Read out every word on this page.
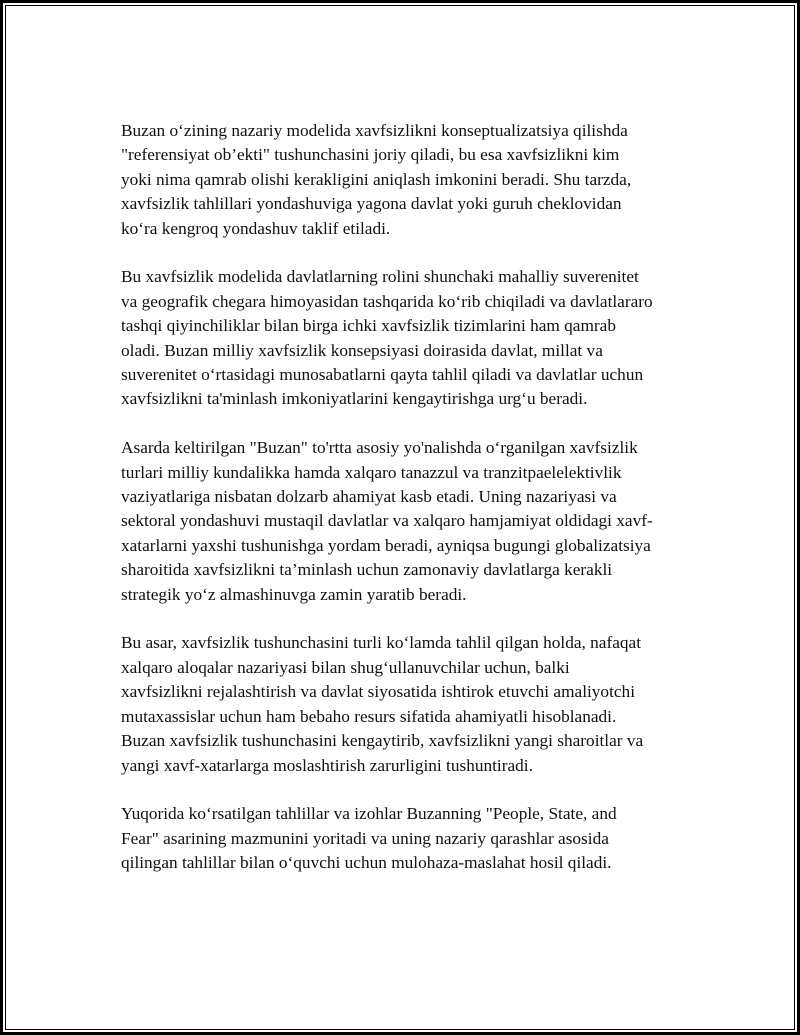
Buzan o‘zining nazariy modelida xavfsizlikni konseptualizatsiya qilishda
"referensiyat ob’ekti" tushunchasini joriy qiladi, bu esa xavfsizlikni kim
yoki nima qamrab olishi kerakligini aniqlash imkonini beradi. Shu tarzda,
xavfsizlik tahlillari yondashuviga yagona davlat yoki guruh cheklovidan
ko‘ra kengroq yondashuv taklif etiladi.

Bu xavfsizlik modelida davlatlarning rolini shunchaki mahalliy suverenitet
va geografik chegara himoyasidan tashqarida ko‘rib chiqiladi va davlatlararo
tashqi qiyinchiliklar bilan birga ichki xavfsizlik tizimlarini ham qamrab
oladi. Buzan milliy xavfsizlik konsepsiyasi doirasida davlat, millat va
suverenitet o‘rtasidagi munosabatlarni qayta tahlil qiladi va davlatlar uchun
xavfsizlikni ta'minlash imkoniyatlarini kengaytirishga urg‘u beradi.

Asarda keltirilgan "Buzan" to'rtta asosiy yo'nalishda o‘rganilgan xavfsizlik
turlari milliy kundalikka hamda xalqaro tanazzul va tranzitpaelelektivlik
vaziyatlariga nisbatan dolzarb ahamiyat kasb etadi. Uning nazariyasi va
sektoral yondashuvi mustaqil davlatlar va xalqaro hamjamiyat oldidagi xavf-
xatarlarni yaxshi tushunishga yordam beradi, ayniqsa bugungi globalizatsiya
sharoitida xavfsizlikni ta’minlash uchun zamonaviy davlatlarga kerakli
strategik yo‘z almashinuvga zamin yaratib beradi.

Bu asar, xavfsizlik tushunchasini turli ko‘lamda tahlil qilgan holda, nafaqat
xalqaro aloqalar nazariyasi bilan shug‘ullanuvchilar uchun, balki
xavfsizlikni rejalashtirish va davlat siyosatida ishtirok etuvchi amaliyotchi
mutaxassislar uchun ham bebaho resurs sifatida ahamiyatli hisoblanadi.
Buzan xavfsizlik tushunchasini kengaytirib, xavfsizlikni yangi sharoitlar va
yangi xavf-xatarlarga moslashtirish zarurligini tushuntiradi.

Yuqorida ko‘rsatilgan tahlillar va izohlar Buzanning "People, State, and
Fear" asarining mazmunini yoritadi va uning nazariy qarashlar asosida
qilingan tahlillar bilan o‘quvchi uchun mulohaza-maslahat hosil qiladi.
